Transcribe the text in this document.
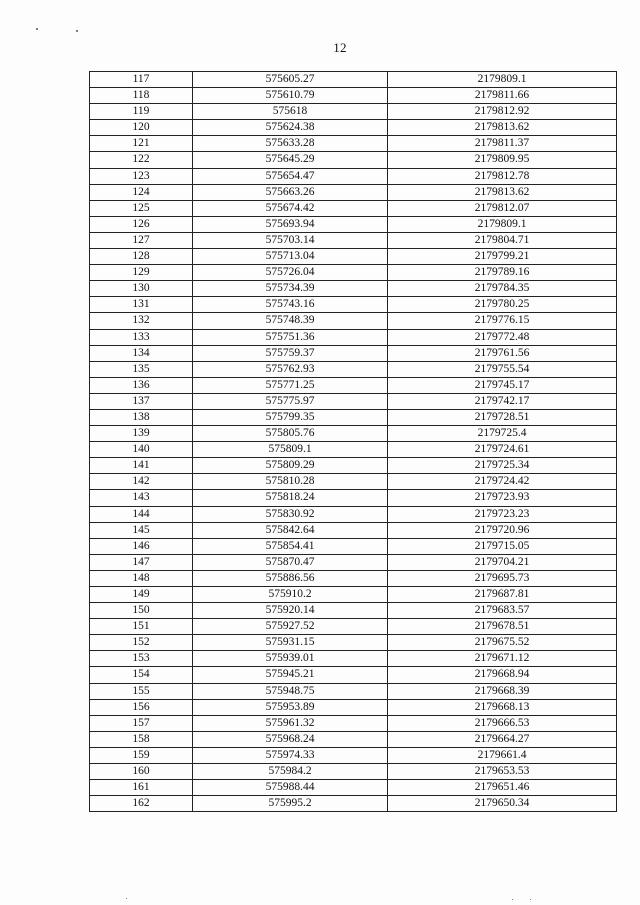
12
117	575605.27	2179809.1
118	575610.79	2179811.66
119	575618	2179812.92
120	575624.38	2179813.62
121	575633.28	2179811.37
122	575645.29	2179809.95
123	575654.47	2179812.78
124	575663.26	2179813.62
125	575674.42	2179812.07
126	575693.94	2179809.1
127	575703.14	2179804.71
128	575713.04	2179799.21
129	575726.04	2179789.16
130	575734.39	2179784.35
131	575743.16	2179780.25
132	575748.39	2179776.15
133	575751.36	2179772.48
134	575759.37	2179761.56
135	575762.93	2179755.54
136	575771.25	2179745.17
137	575775.97	2179742.17
138	575799.35	2179728.51
139	575805.76	2179725.4
140	575809.1	2179724.61
141	575809.29	2179725.34
142	575810.28	2179724.42
143	575818.24	2179723.93
144	575830.92	2179723.23
145	575842.64	2179720.96
146	575854.41	2179715.05
147	575870.47	2179704.21
148	575886.56	2179695.73
149	575910.2	2179687.81
150	575920.14	2179683.57
151	575927.52	2179678.51
152	575931.15	2179675.52
153	575939.01	2179671.12
154	575945.21	2179668.94
155	575948.75	2179668.39
156	575953.89	2179668.13
157	575961.32	2179666.53
158	575968.24	2179664.27
159	575974.33	2179661.4
160	575984.2	2179653.53
161	575988.44	2179651.46
162	575995.2	2179650.34
